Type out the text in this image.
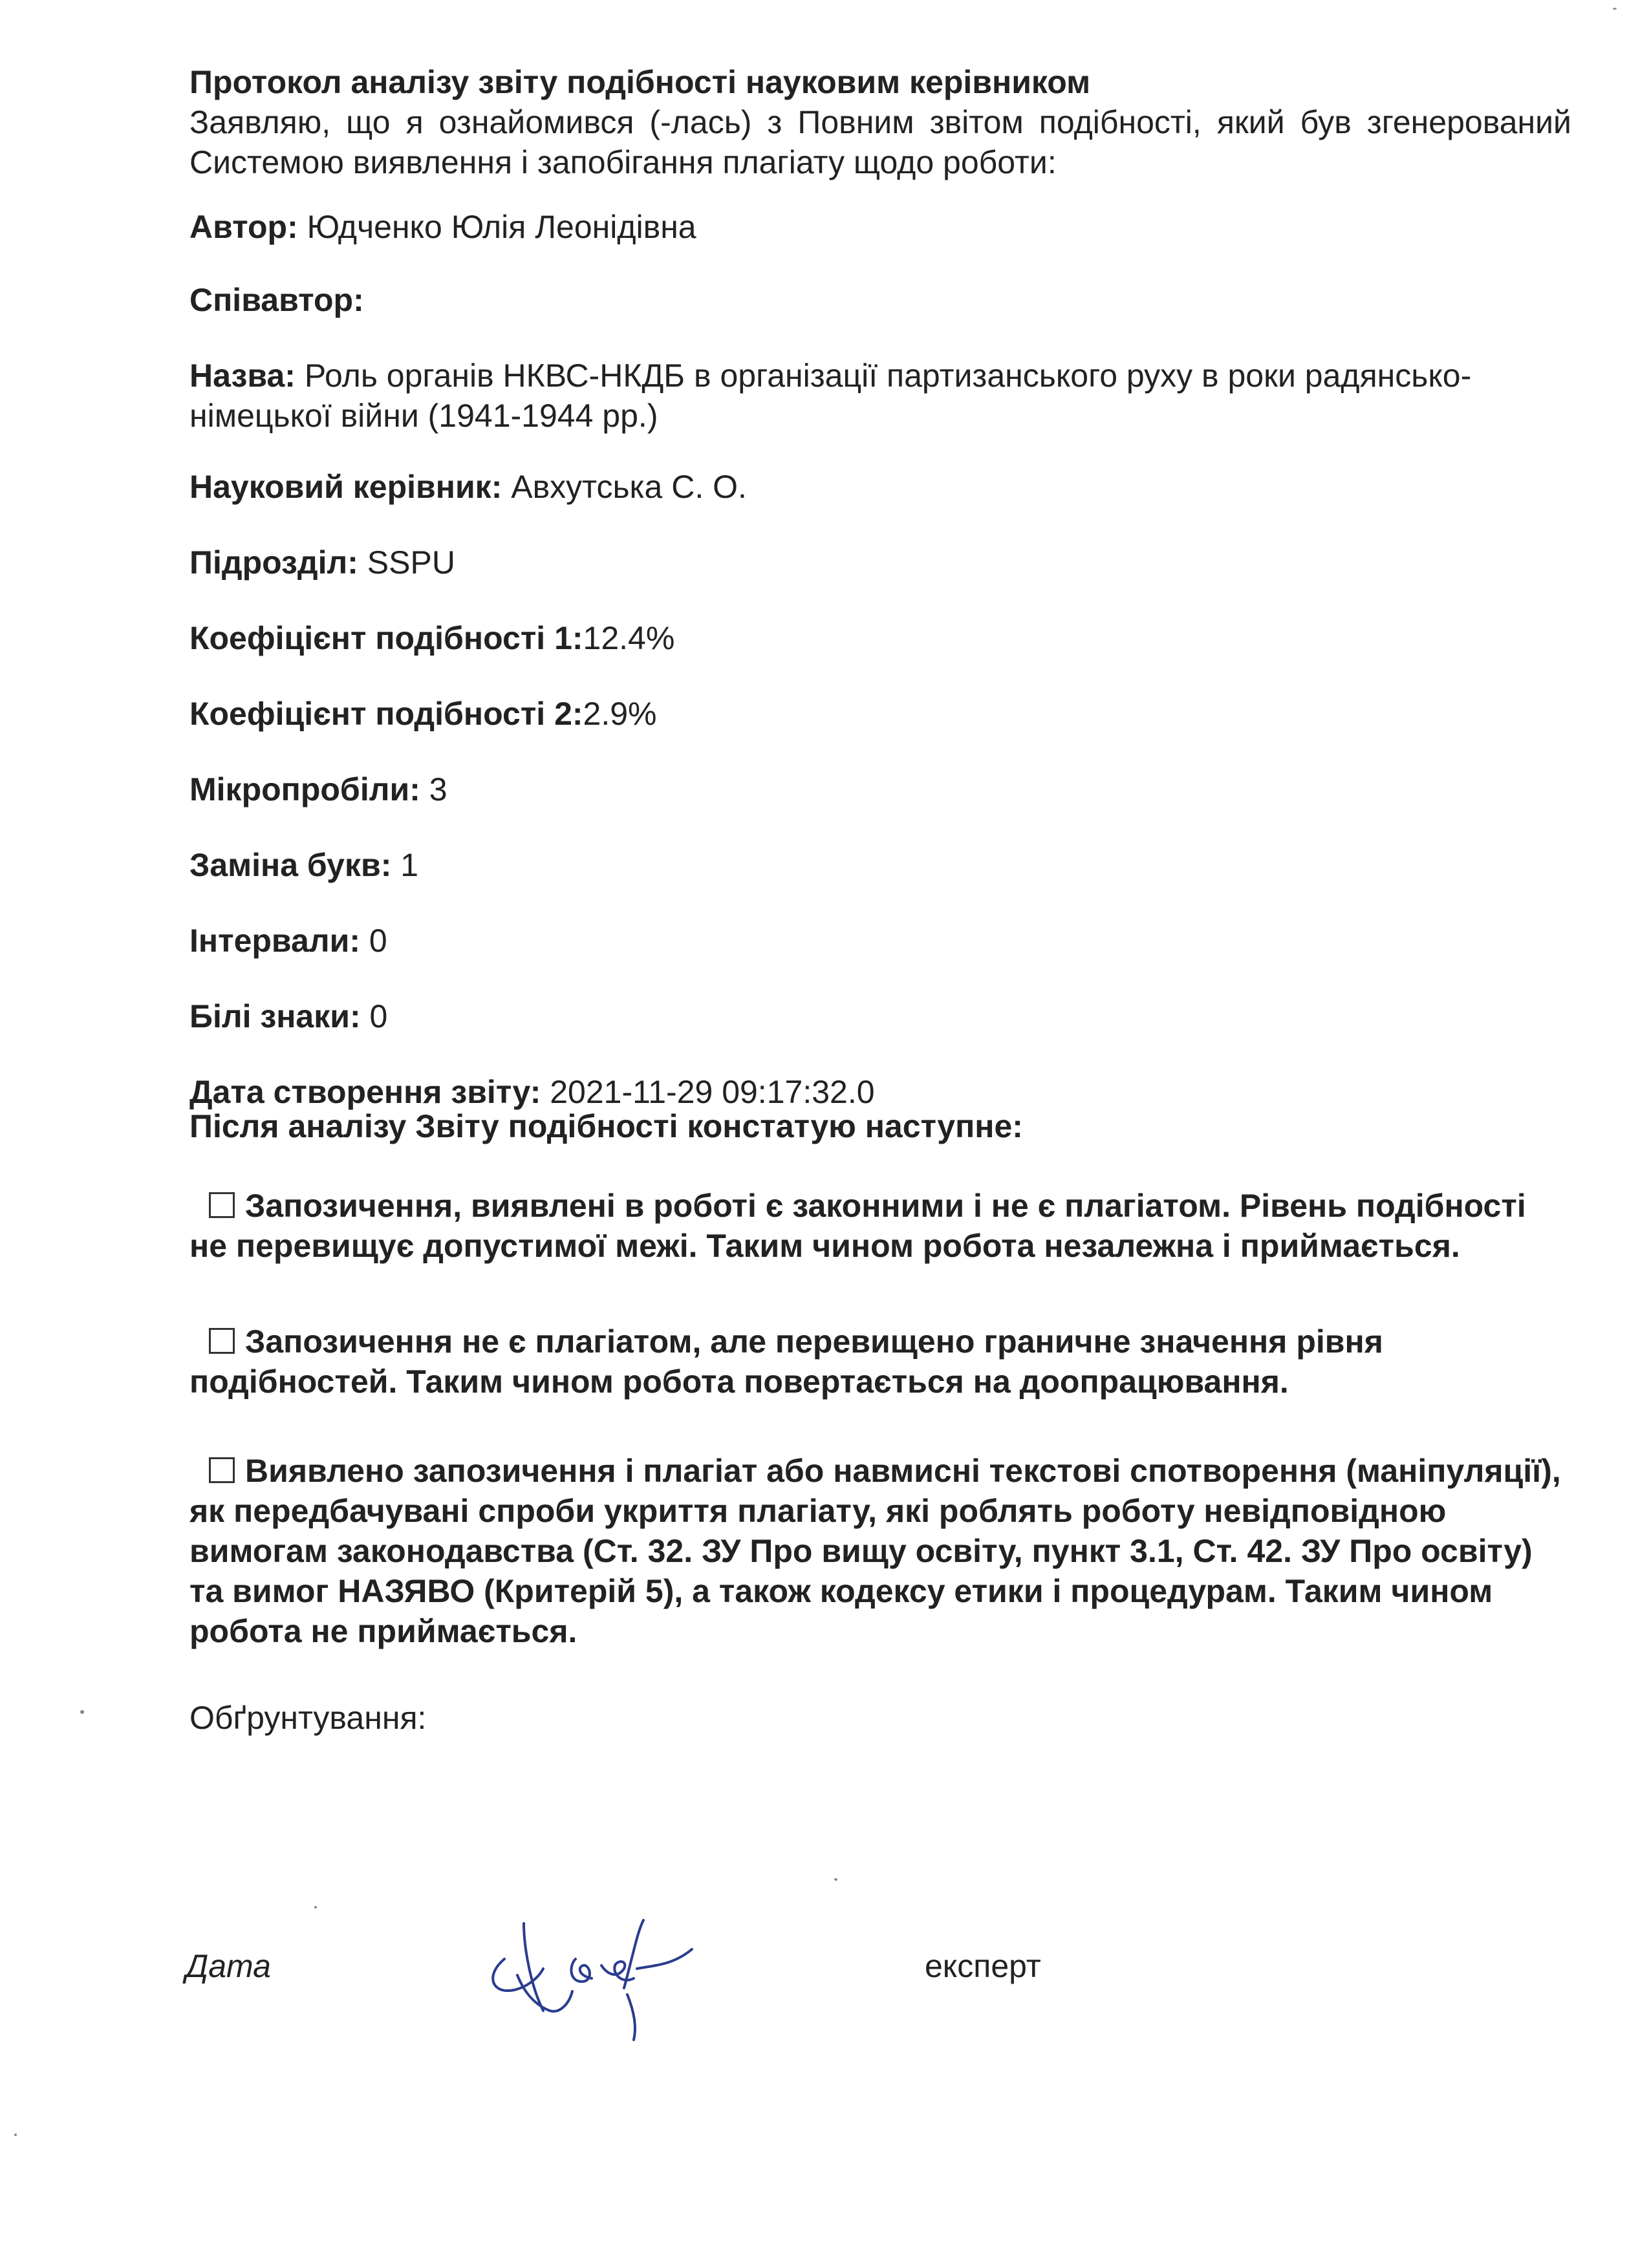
Протокол аналізу звіту подібності науковим керівником

Заявляю, що я ознайомився (-лась) з Повним звітом подібності, який був згенерований Системою виявлення і запобігання плагіату щодо роботи:

Автор: Юдченко Юлія Леонідівна

Співавтор:

Назва: Роль органів НКВС-НКДБ в організації партизанського руху в роки радянсько-німецької війни (1941-1944 рр.)

Науковий керівник: Авхутська С. О.

Підрозділ: SSPU

Коефіцієнт подібності 1:12.4%

Коефіцієнт подібності 2:2.9%

Мікропробіли: 3

Заміна букв: 1

Інтервали: 0

Білі знаки: 0

Дата створення звіту: 2021-11-29 09:17:32.0

Після аналізу Звіту подібності констатую наступне:

Запозичення, виявлені в роботі є законними і не є плагіатом. Рівень подібності не перевищує допустимої межі. Таким чином робота незалежна і приймається.
Запозичення не є плагіатом, але перевищено граничне значення рівня подібностей. Таким чином робота повертається на доопрацювання.
Виявлено запозичення і плагіат або навмисні текстові спотворення (маніпуляції), як передбачувані спроби укриття плагіату, які роблять роботу невідповідною вимогам законодавства (Ст. 32. ЗУ Про вищу освіту, пункт 3.1, Ст. 42. ЗУ Про освіту) та вимог НАЗЯВО (Критерій 5), а також кодексу етики і процедурам. Таким чином робота не приймається.

Обґрунтування:

Дата	експерт
